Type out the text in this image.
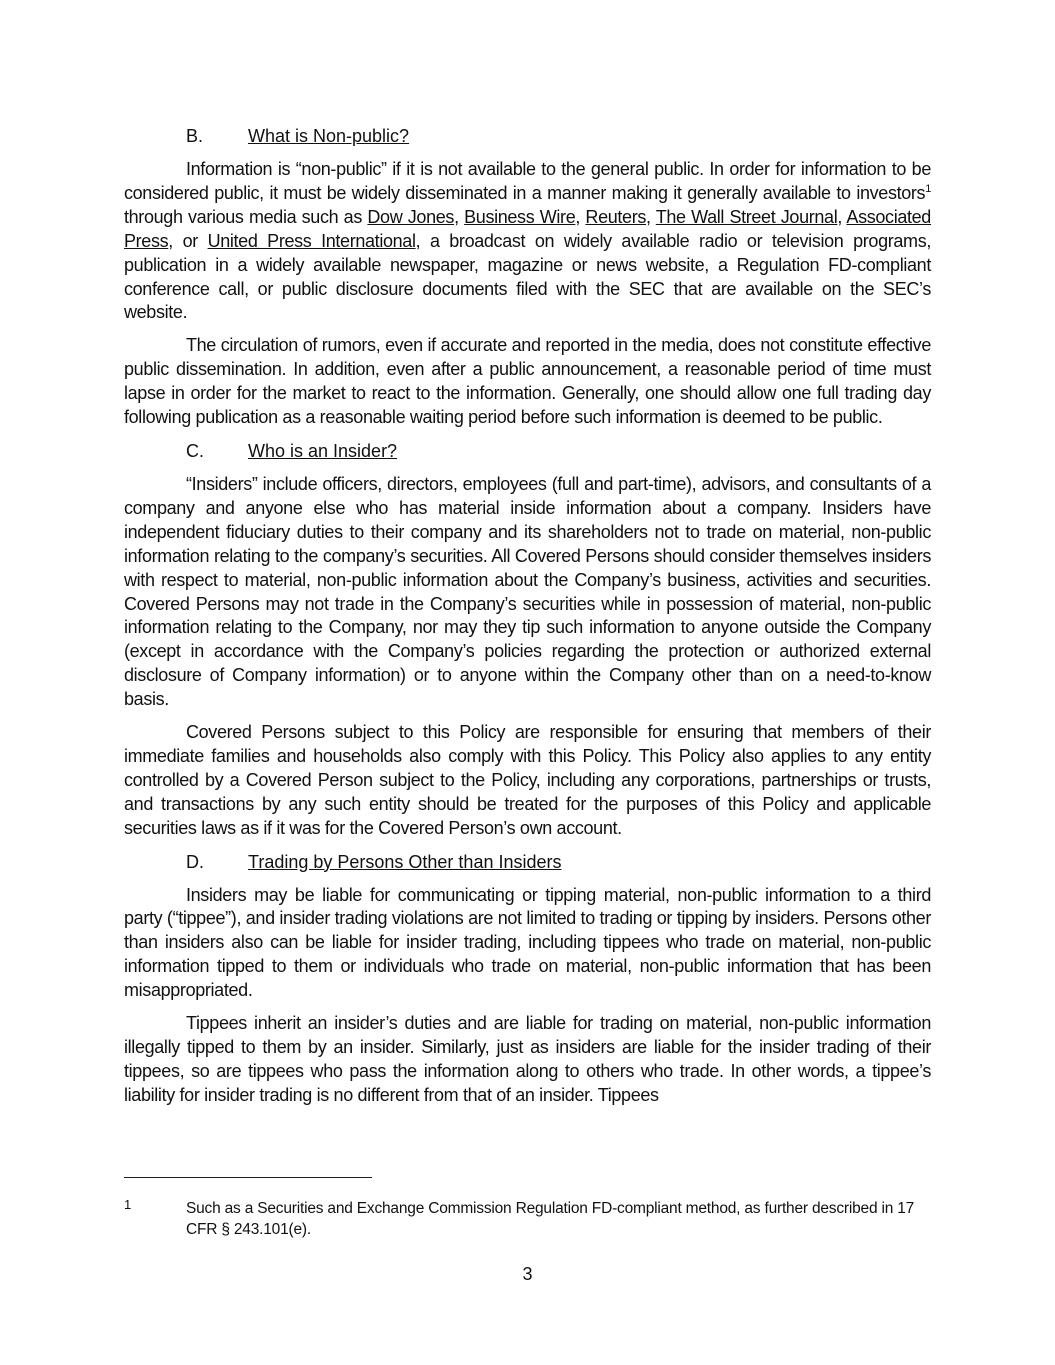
B.	What is Non-public?

Information is “non-public” if it is not available to the general public. In order for information to be considered public, it must be widely disseminated in a manner making it generally available to investors$^1$ through various media such as Dow Jones, Business Wire, Reuters, The Wall Street Journal, Associated Press, or United Press International, a broadcast on widely available radio or television programs, publication in a widely available newspaper, magazine or news website, a Regulation FD-compliant conference call, or public disclosure documents filed with the SEC that are available on the SEC’s website.

The circulation of rumors, even if accurate and reported in the media, does not constitute effective public dissemination. In addition, even after a public announcement, a reasonable period of time must lapse in order for the market to react to the information. Generally, one should allow one full trading day following publication as a reasonable waiting period before such information is deemed to be public.

C.	Who is an Insider?

“Insiders” include officers, directors, employees (full and part-time), advisors, and consultants of a company and anyone else who has material inside information about a company. Insiders have independent fiduciary duties to their company and its shareholders not to trade on material, non-public information relating to the company’s securities. All Covered Persons should consider themselves insiders with respect to material, non-public information about the Company’s business, activities and securities. Covered Persons may not trade in the Company’s securities while in possession of material, non-public information relating to the Company, nor may they tip such information to anyone outside the Company (except in accordance with the Company’s policies regarding the protection or authorized external disclosure of Company information) or to anyone within the Company other than on a need-to-know basis.

Covered Persons subject to this Policy are responsible for ensuring that members of their immediate families and households also comply with this Policy. This Policy also applies to any entity controlled by a Covered Person subject to the Policy, including any corporations, partnerships or trusts, and transactions by any such entity should be treated for the purposes of this Policy and applicable securities laws as if it was for the Covered Person’s own account.

D.	Trading by Persons Other than Insiders

Insiders may be liable for communicating or tipping material, non-public information to a third party (“tippee”), and insider trading violations are not limited to trading or tipping by insiders. Persons other than insiders also can be liable for insider trading, including tippees who trade on material, non-public information tipped to them or individuals who trade on material, non-public information that has been misappropriated.

Tippees inherit an insider’s duties and are liable for trading on material, non-public information illegally tipped to them by an insider. Similarly, just as insiders are liable for the insider trading of their tippees, so are tippees who pass the information along to others who trade. In other words, a tippee’s liability for insider trading is no different from that of an insider. Tippees

1	Such as a Securities and Exchange Commission Regulation FD-compliant method, as further described in 17 CFR § 243.101(e).
3
